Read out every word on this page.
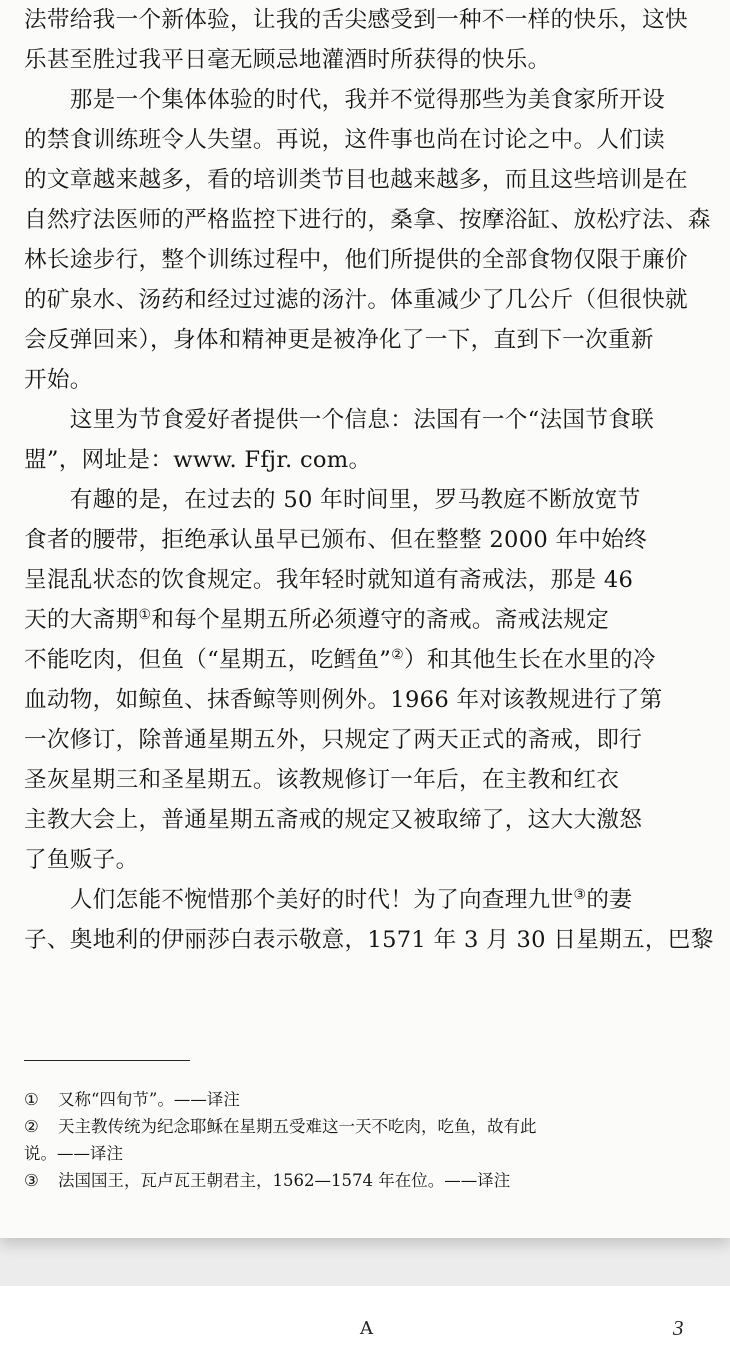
法带给我一个新体验，让我的舌尖感受到一种不一样的快乐，这快
乐甚至胜过我平日毫无顾忌地灌酒时所获得的快乐。
　　那是一个集体体验的时代，我并不觉得那些为美食家所开设
的禁食训练班令人失望。再说，这件事也尚在讨论之中。人们读
的文章越来越多，看的培训类节目也越来越多，而且这些培训是在
自然疗法医师的严格监控下进行的，桑拿、按摩浴缸、放松疗法、森
林长途步行，整个训练过程中，他们所提供的全部食物仅限于廉价
的矿泉水、汤药和经过过滤的汤汁。体重减少了几公斤（但很快就
会反弹回来），身体和精神更是被净化了一下，直到下一次重新
开始。
　　这里为节食爱好者提供一个信息：法国有一个“法国节食联
盟”，网址是：www. Ffjr. com。
　　有趣的是，在过去的 50 年时间里，罗马教庭不断放宽节
食者的腰带，拒绝承认虽早已颁布、但在整整 2000 年中始终
呈混乱状态的饮食规定。我年轻时就知道有斋戒法，那是 46
天的大斋期①和每个星期五所必须遵守的斋戒。斋戒法规定
不能吃肉，但鱼（“星期五，吃鳕鱼”②）和其他生长在水里的冷
血动物，如鲸鱼、抹香鲸等则例外。1966 年对该教规进行了第
一次修订，除普通星期五外，只规定了两天正式的斋戒，即行
圣灰星期三和圣星期五。该教规修订一年后，在主教和红衣
主教大会上，普通星期五斋戒的规定又被取缔了，这大大激怒
了鱼贩子。
　　人们怎能不惋惜那个美好的时代！为了向查理九世③的妻
子、奥地利的伊丽莎白表示敬意，1571 年 3 月 30 日星期五，巴黎
① 又称“四旬节”。——译注
② 天主教传统为纪念耶稣在星期五受难这一天不吃肉，吃鱼，故有此
说。——译注
③ 法国国王，瓦卢瓦王朝君主，1562—1574 年在位。——译注
A	3
